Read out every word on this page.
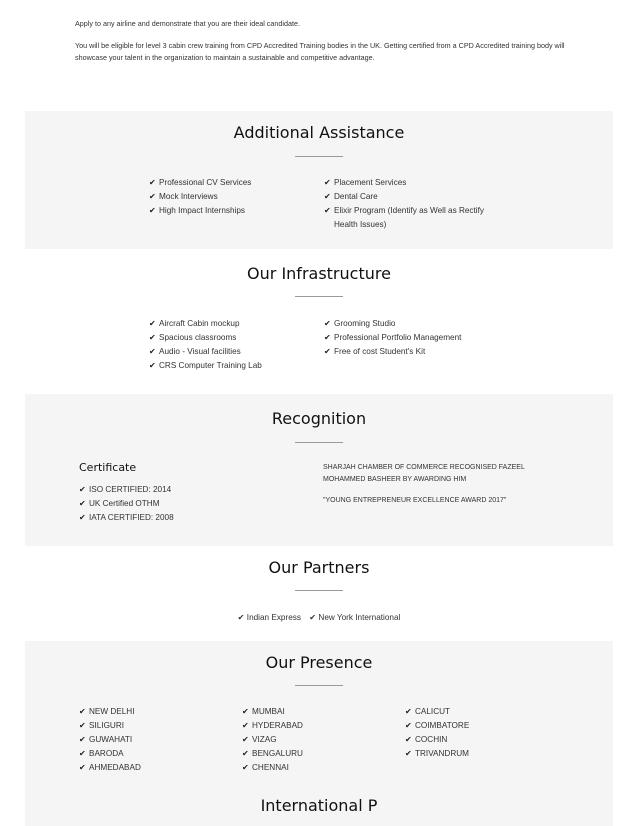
Apply to any airline and demonstrate that you are their ideal candidate.

You will be eligible for level 3 cabin crew training from CPD Accredited Training bodies in the UK. Getting certified from a CPD Accredited training body will showcase your talent in the organization to maintain a sustainable and competitive advantage.

Additional Assistance
✔ Professional CV Services
✔ Mock Interviews
✔ High Impact Internships
✔ Placement Services
✔ Dental Care
✔ Elixir Program (Identify as Well as Rectify Health Issues)
Our Infrastructure
✔ Aircraft Cabin mockup
✔ Spacious classrooms
✔ Audio - Visual facilities
✔ CRS Computer Training Lab
✔ Grooming Studio
✔ Professional Portfolio Management
✔ Free of cost Student's Kit
Recognition
Certificate
✔ ISO CERTIFIED: 2014
✔ UK Certified OTHM
✔ IATA CERTIFIED: 2008

SHARJAH CHAMBER OF COMMERCE RECOGNISED FAZEEL MOHAMMED BASHEER BY AWARDING HIM

"YOUNG ENTREPRENEUR EXCELLENCE AWARD 2017"

Our Partners
✔ Indian Express ✔ New York International
Our Presence
✔ NEW DELHI
✔ SILIGURI
✔ GUWAHATI
✔ BARODA
✔ AHMEDABAD
✔ MUMBAI
✔ HYDERABAD
✔ VIZAG
✔ BENGALURU
✔ CHENNAI
✔ CALICUT
✔ COIMBATORE
✔ COCHIN
✔ TRIVANDRUM
International P
